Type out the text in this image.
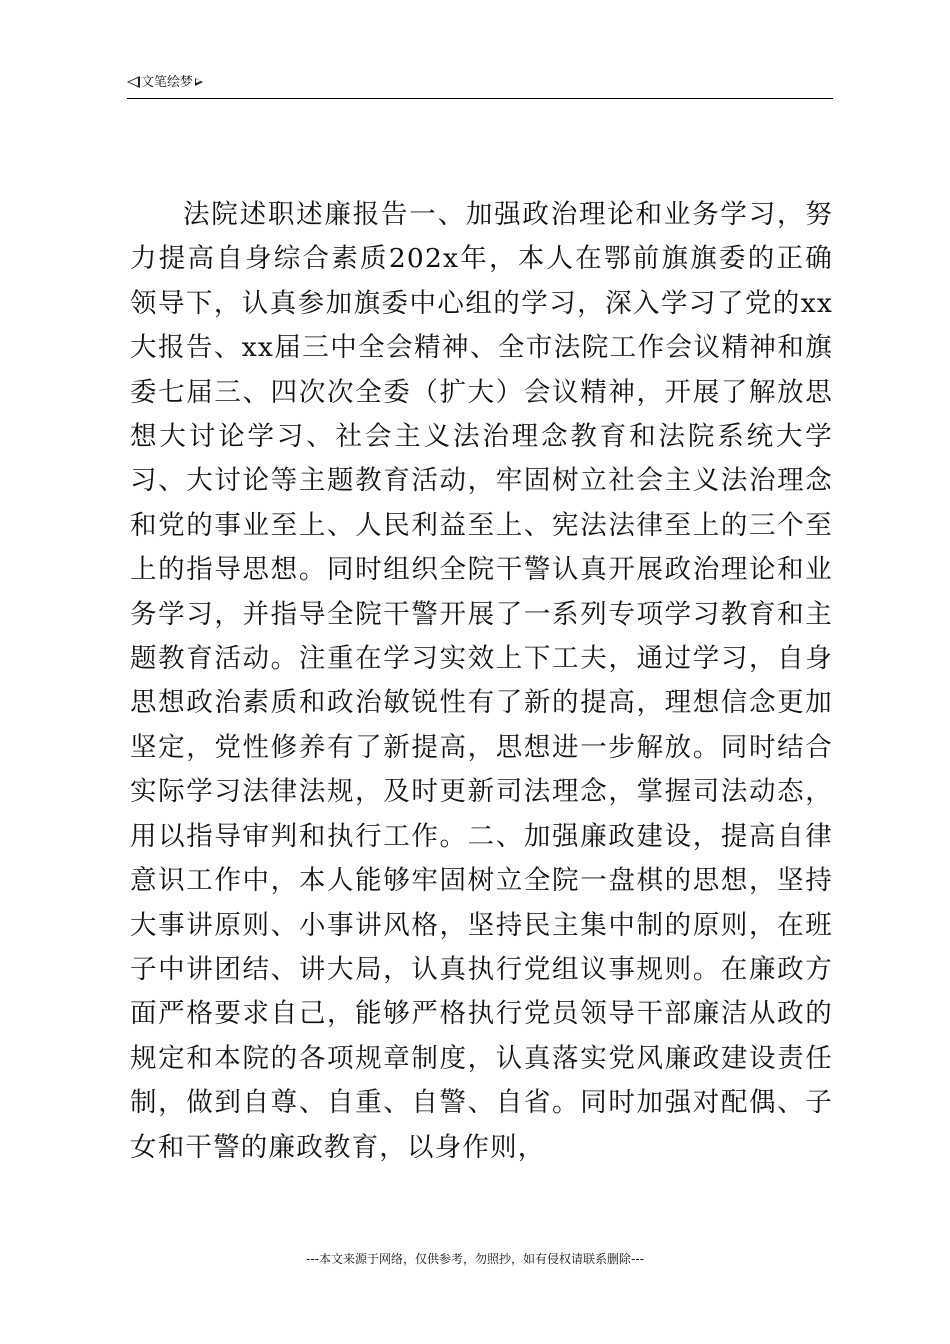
文笔绘梦

法院述职述廉报告一、加强政治理论和业务学习，努力提高自身综合素质202x年，本人在鄂前旗旗委的正确领导下，认真参加旗委中心组的学习，深入学习了党的xx大报告、xx届三中全会精神、全市法院工作会议精神和旗委七届三、四次次全委（扩大）会议精神，开展了解放思想大讨论学习、社会主义法治理念教育和法院系统大学习、大讨论等主题教育活动，牢固树立社会主义法治理念和党的事业至上、人民利益至上、宪法法律至上的三个至上的指导思想。同时组织全院干警认真开展政治理论和业务学习，并指导全院干警开展了一系列专项学习教育和主题教育活动。注重在学习实效上下工夫，通过学习，自身思想政治素质和政治敏锐性有了新的提高，理想信念更加坚定，党性修养有了新提高，思想进一步解放。同时结合实际学习法律法规，及时更新司法理念，掌握司法动态，用以指导审判和执行工作。二、加强廉政建设，提高自律意识工作中，本人能够牢固树立全院一盘棋的思想，坚持大事讲原则、小事讲风格，坚持民主集中制的原则，在班子中讲团结、讲大局，认真执行党组议事规则。在廉政方面严格要求自己，能够严格执行党员领导干部廉洁从政的规定和本院的各项规章制度，认真落实党风廉政建设责任制，做到自尊、自重、自警、自省。同时加强对配偶、子女和干警的廉政教育，以身作则，

---本文来源于网络，仅供参考，勿照抄，如有侵权请联系删除---
